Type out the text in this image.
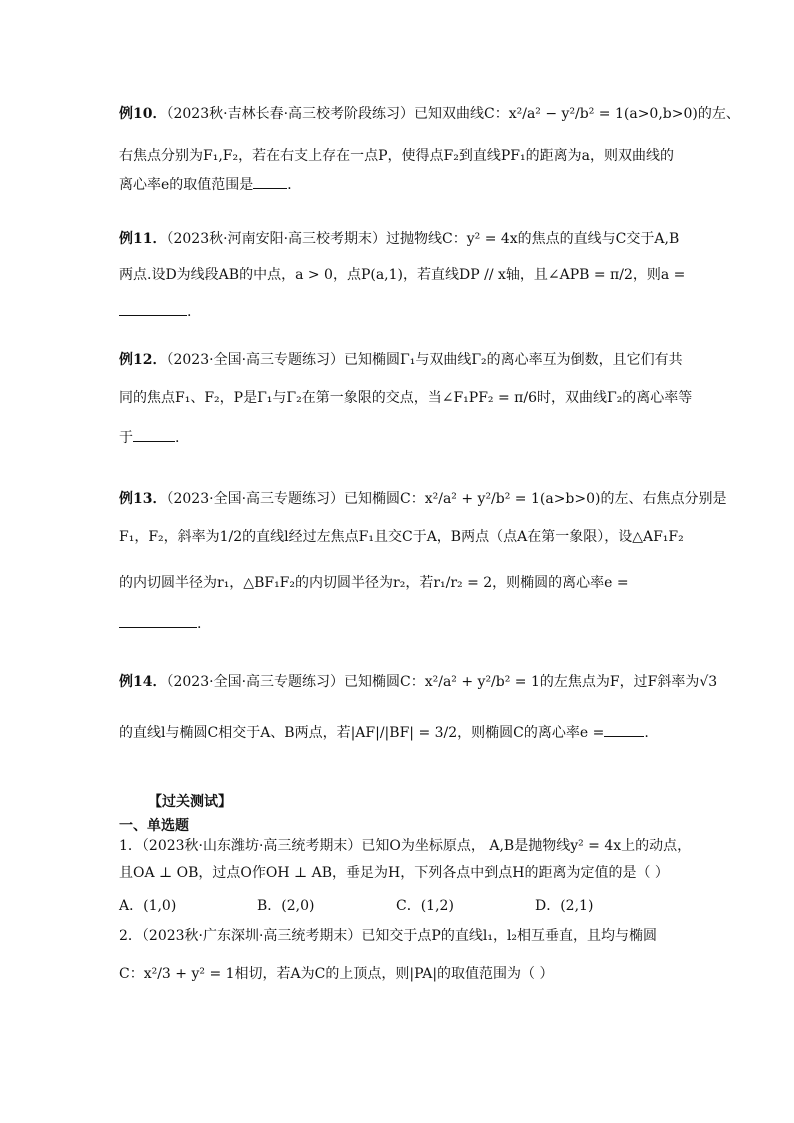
例10．（2023秋·吉林长春·高三校考阶段练习）已知双曲线C：x²/a² − y²/b² = 1(a>0,b>0)的左、
右焦点分别为F₁,F₂，若在右支上存在一点P，使得点F₂到直线PF₁的距离为a，则双曲线的
离心率e的取值范围是 ．
例11．（2023秋·河南安阳·高三校考期末）过抛物线C：y² = 4x的焦点的直线与C交于A,B
两点.设D为线段AB的中点，a > 0，点P(a,1)，若直线DP // x轴，且∠APB = π/2，则a =
.
例12．（2023·全国·高三专题练习）已知椭圆Γ₁与双曲线Γ₂的离心率互为倒数，且它们有共
同的焦点F₁、F₂，P是Γ₁与Γ₂在第一象限的交点，当∠F₁PF₂ = π/6时，双曲线Γ₂的离心率等
于	.
例13．（2023·全国·高三专题练习）已知椭圆C：x²/a² + y²/b² = 1(a>b>0)的左、右焦点分别是
F₁，F₂，斜率为1/2的直线l经过左焦点F₁且交C于A，B两点（点A在第一象限），设△AF₁F₂
的内切圆半径为r₁，△BF₁F₂的内切圆半径为r₂，若r₁/r₂ = 2，则椭圆的离心率e =
.
例14．（2023·全国·高三专题练习）已知椭圆C：x²/a² + y²/b² = 1的左焦点为F，过F斜率为√3
的直线l与椭圆C相交于A、B两点，若|AF|/|BF| = 3/2，则椭圆C的离心率e =	.
【过关测试】
一、单选题
1．（2023秋·山东潍坊·高三统考期末）已知O为坐标原点， A,B是抛物线y² = 4x上的动点，
且OA ⊥ OB，过点O作OH ⊥ AB，垂足为H，下列各点中到点H的距离为定值的是（ ）
A．(1,0)	B．(2,0)	C．(1,2)	D．(2,1)
2．（2023秋·广东深圳·高三统考期末）已知交于点P的直线l₁，l₂相互垂直，且均与椭圆
C：x²/3 + y² = 1相切，若A为C的上顶点，则|PA|的取值范围为（ ）
